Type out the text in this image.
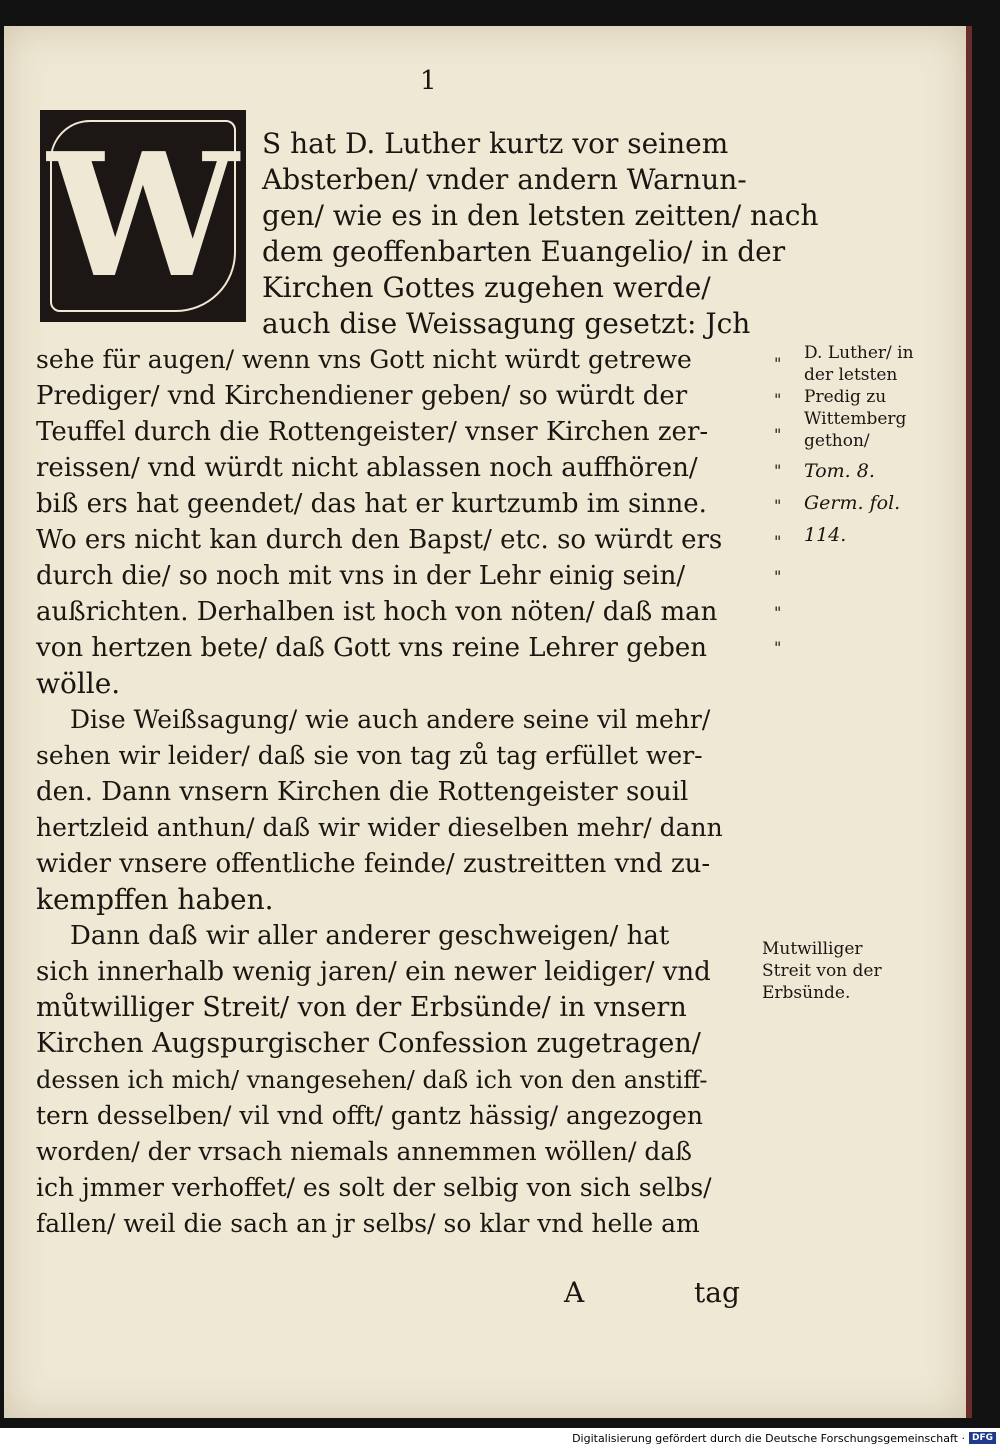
1
W S hat D. Luther kurtz vor seinem
Absterben/ vnder andern Warnun-
gen/ wie es in den letsten zeitten/ nach
dem geoffenbarten Euangelio/ in der
Kirchen Gottes zugehen werde/
auch dise Weissagung gesetzt: Jch
sehe für augen/ wenn vns Gott nicht würdt getrewe
Prediger/ vnd Kirchendiener geben/ so würdt der
Teuffel durch die Rottengeister/ vnser Kirchen zer-
reissen/ vnd würdt nicht ablassen noch auffhören/
biß ers hat geendet/ das hat er kurtzumb im sinne.
Wo ers nicht kan durch den Bapst/ etc. so würdt ers
durch die/ so noch mit vns in der Lehr einig sein/
außrichten. Derhalben ist hoch von nöten/ daß man
von hertzen bete/ daß Gott vns reine Lehrer geben
wölle.
Dise Weißsagung/ wie auch andere seine vil mehr/
sehen wir leider/ daß sie von tag zů tag erfüllet wer-
den. Dann vnsern Kirchen die Rottengeister souil
hertzleid anthun/ daß wir wider dieselben mehr/ dann
wider vnsere offentliche feinde/ zustreitten vnd zu-
kempffen haben.
Dann daß wir aller anderer geschweigen/ hat
sich innerhalb wenig jaren/ ein newer leidiger/ vnd
můtwilliger Streit/ von der Erbsünde/ in vnsern
Kirchen Augspurgischer Confession zugetragen/
dessen ich mich/ vnangesehen/ daß ich von den anstiff-
tern desselben/ vil vnd offt/ gantz hässig/ angezogen
worden/ der vrsach niemals annemmen wöllen/ daß
ich jmmer verhoffet/ es solt der selbig von sich selbs/
fallen/ weil die sach an jr selbs/ so klar vnd helle am
A	tag
" " " " " " " " "
D. Luther/ in
der letsten
Predig zu
Wittemberg
gethon/
Tom. 8.
Germ. fol.
114.
Mutwilliger
Streit von der
Erbsünde.
Digitalisierung gefördert durch die Deutsche Forschungsgemeinschaft · DFG
